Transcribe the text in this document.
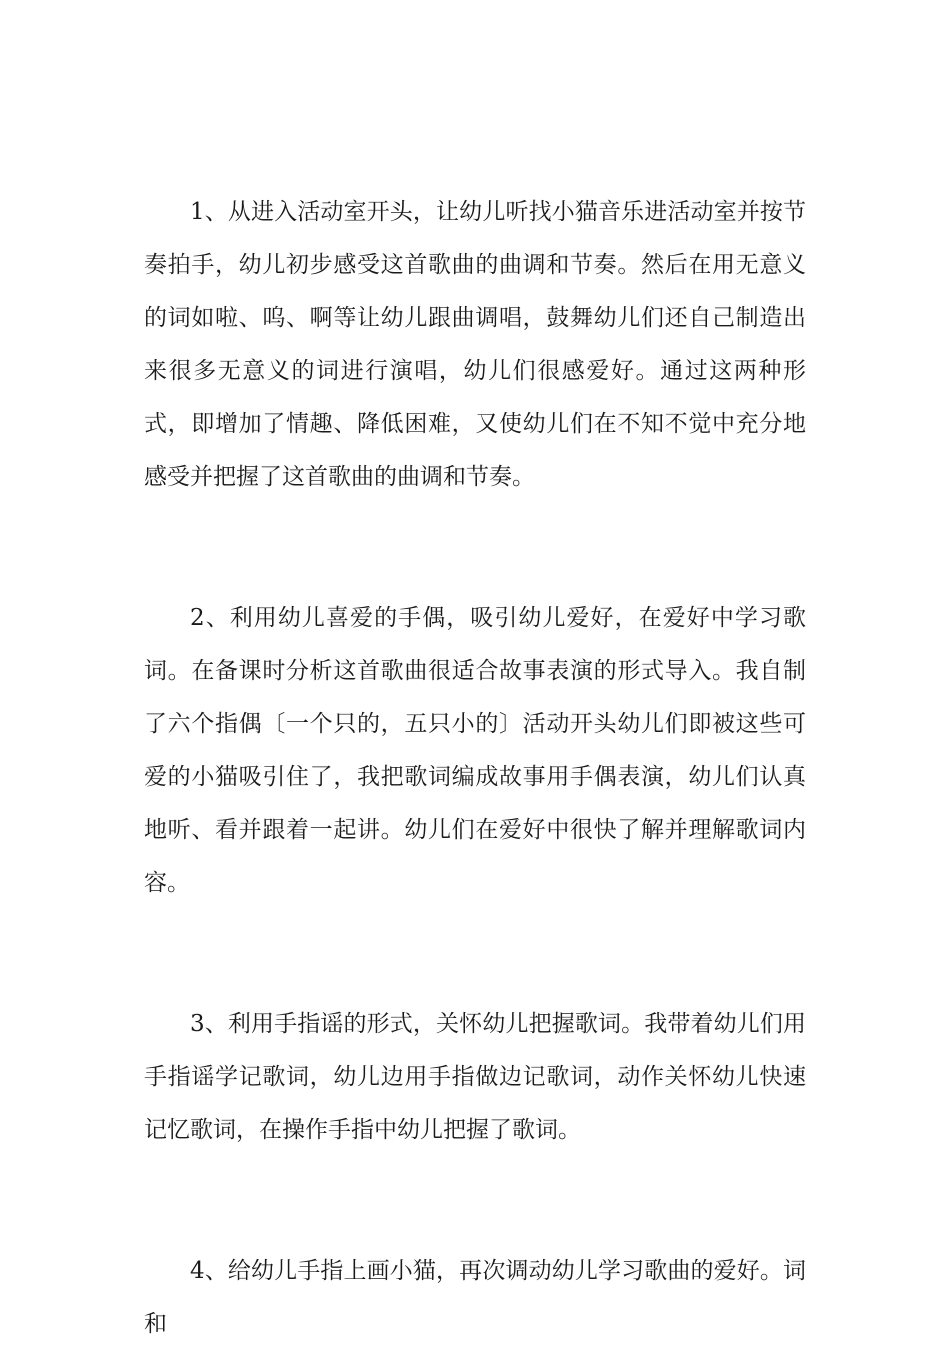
1、从进入活动室开头，让幼儿听找小猫音乐进活动室并按节奏拍手，幼儿初步感受这首歌曲的曲调和节奏。然后在用无意义的词如啦、呜、啊等让幼儿跟曲调唱，鼓舞幼儿们还自己制造出来很多无意义的词进行演唱，幼儿们很感爱好。通过这两种形式，即增加了情趣、降低困难，又使幼儿们在不知不觉中充分地感受并把握了这首歌曲的曲调和节奏。

2、利用幼儿喜爱的手偶，吸引幼儿爱好，在爱好中学习歌词。在备课时分析这首歌曲很适合故事表演的形式导入。我自制了六个指偶〔一个只的，五只小的〕活动开头幼儿们即被这些可爱的小猫吸引住了，我把歌词编成故事用手偶表演，幼儿们认真地听、看并跟着一起讲。幼儿们在爱好中很快了解并理解歌词内容。

3、利用手指谣的形式，关怀幼儿把握歌词。我带着幼儿们用手指谣学记歌词，幼儿边用手指做边记歌词，动作关怀幼儿快速记忆歌词，在操作手指中幼儿把握了歌词。

4、给幼儿手指上画小猫，再次调动幼儿学习歌曲的爱好。词和
